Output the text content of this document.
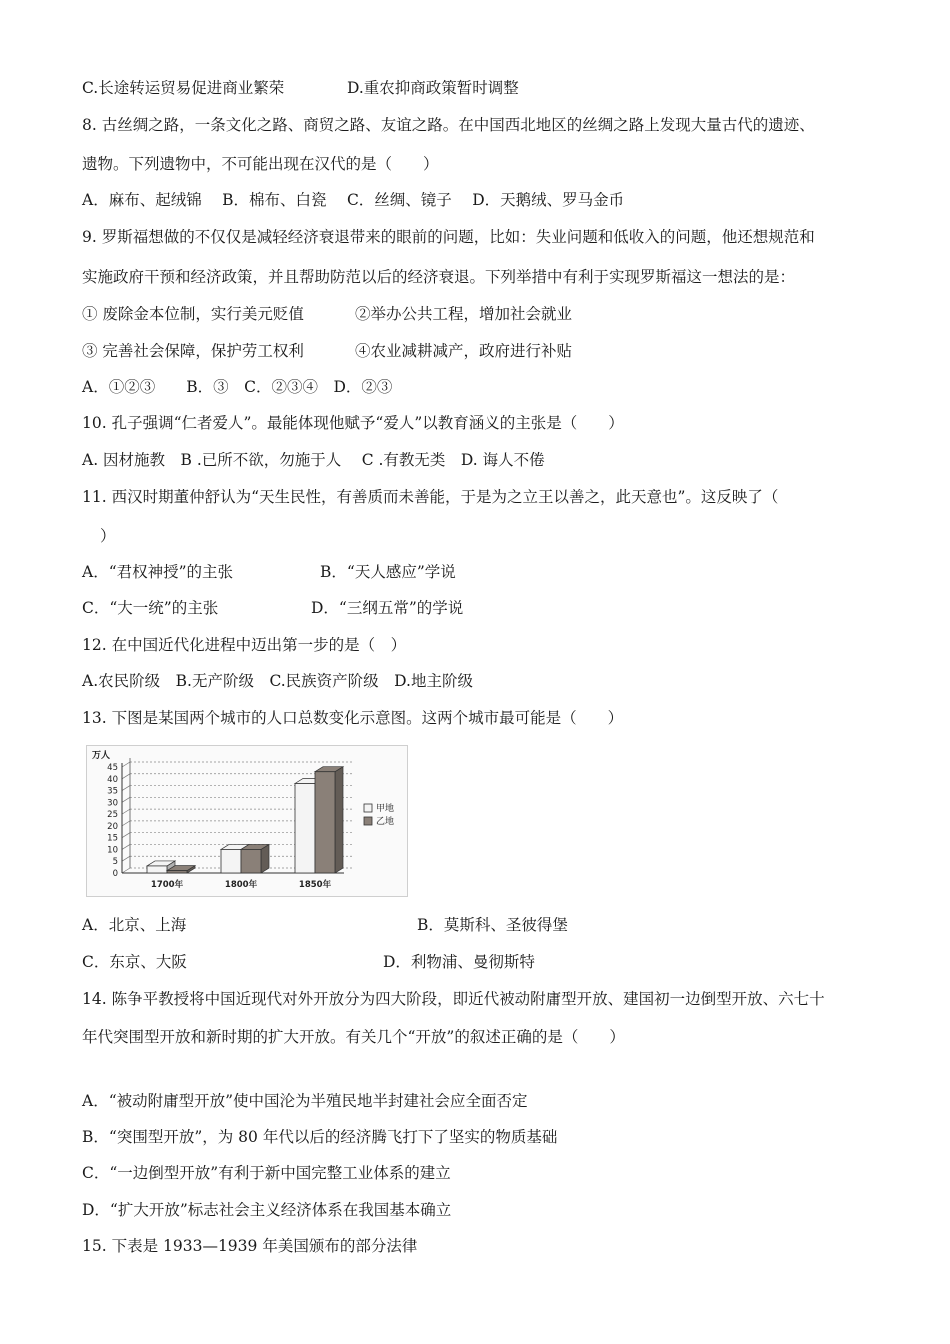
C.长途转运贸易促进商业繁荣	D.重农抑商政策暂时调整
8. 古丝绸之路，一条文化之路、商贸之路、友谊之路。在中国西北地区的丝绸之路上发现大量古代的遗迹、
遗物。下列遗物中，不可能出现在汉代的是（　　）
A．麻布、起绒锦　 B．棉布、白瓷　 C．丝绸、镜子　 D．天鹅绒、罗马金币
9. 罗斯福想做的不仅仅是减轻经济衰退带来的眼前的问题，比如：失业问题和低收入的问题，他还想规范和
实施政府干预和经济政策，并且帮助防范以后的经济衰退。下列举措中有利于实现罗斯福这一想法的是：
① 废除金本位制，实行美元贬值	②举办公共工程，增加社会就业
③ 完善社会保障，保护劳工权利	④农业减耕减产，政府进行补贴
A．①②③　　B．③　C．②③④　D．②③
10. 孔子强调“仁者爱人”。最能体现他赋予“爱人”以教育涵义的主张是（　　）
A. 因材施教　B .已所不欲，勿施于人　 C .有教无类　D. 诲人不倦
11. 西汉时期董仲舒认为“天生民性，有善质而未善能，于是为之立王以善之，此天意也”。这反映了（
）
A．“君权神授”的主张	B．“天人感应”学说
C．“大一统”的主张	D．“三纲五常”的学说
12. 在中国近代化进程中迈出第一步的是（　）
A.农民阶级　B.无产阶级　C.民族资产阶级　D.地主阶级
13. 下图是某国两个城市的人口总数变化示意图。这两个城市最可能是（　　）
万人
0
5
10
15
20
25
30
35
40
45
1700年	1800年	1850年
甲地
乙地
A．北京、上海	B．莫斯科、圣彼得堡
C．东京、大阪	D．利物浦、曼彻斯特
14. 陈争平教授将中国近现代对外开放分为四大阶段，即近代被动附庸型开放、建国初一边倒型开放、六七十
年代突围型开放和新时期的扩大开放。有关几个“开放”的叙述正确的是（　　）
A．“被动附庸型开放”使中国沦为半殖民地半封建社会应全面否定
B．“突围型开放”，为 80 年代以后的经济腾飞打下了坚实的物质基础
C．“一边倒型开放”有利于新中国完整工业体系的建立
D．“扩大开放”标志社会主义经济体系在我国基本确立
15. 下表是 1933—1939 年美国颁布的部分法律
